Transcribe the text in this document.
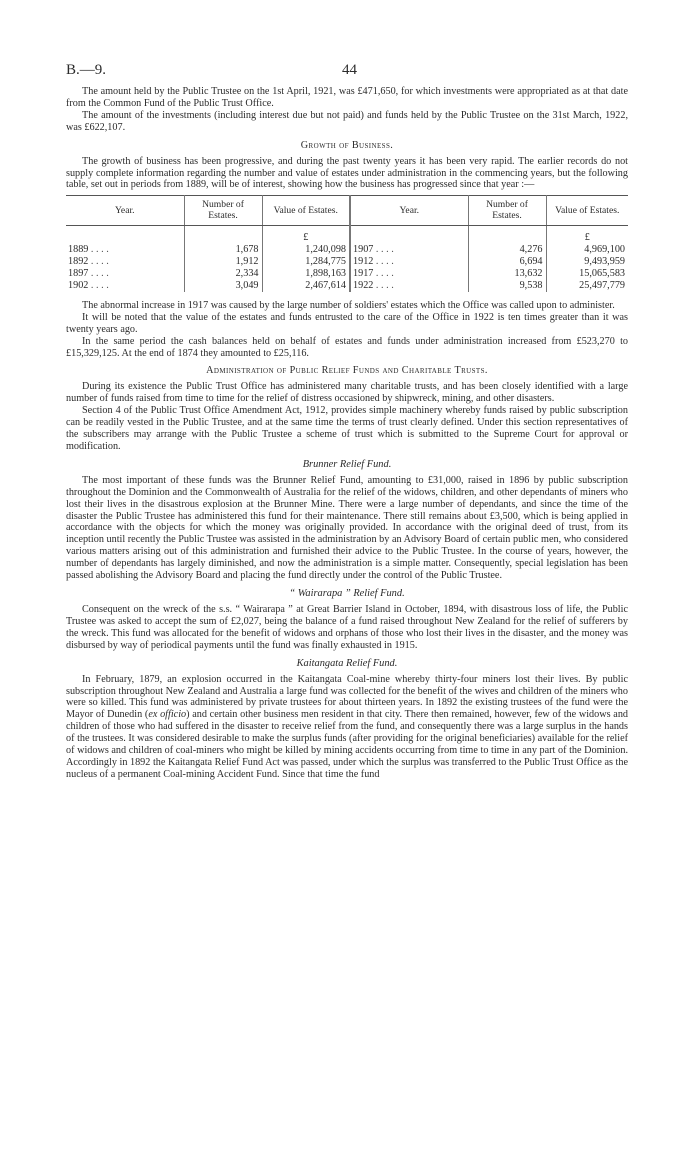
B.—9.	44

The amount held by the Public Trustee on the 1st April, 1921, was £471,650, for which investments were appropriated as at that date from the Common Fund of the Public Trust Office.

The amount of the investments (including interest due but not paid) and funds held by the Public Trustee on the 31st March, 1922, was £622,107.

Growth of Business.

The growth of business has been progressive, and during the past twenty years it has been very rapid. The earlier records do not supply complete information regarding the number and value of estates under administration in the commencing years, but the following table, set out in periods from 1889, will be of interest, showing how the business has progressed since that year :—

Year.	Number of Estates.	Value of Estates.	Year.	Number of Estates.	Value of Estates.
		£			£
1889 . . . .	1,678	1,240,098	1907 . . . .	4,276	4,969,100
1892 . . . .	1,912	1,284,775	1912 . . . .	6,694	9,493,959
1897 . . . .	2,334	1,898,163	1917 . . . .	13,632	15,065,583
1902 . . . .	3,049	2,467,614	1922 . . . .	9,538	25,497,779

The abnormal increase in 1917 was caused by the large number of soldiers' estates which the Office was called upon to administer.

It will be noted that the value of the estates and funds entrusted to the care of the Office in 1922 is ten times greater than it was twenty years ago.

In the same period the cash balances held on behalf of estates and funds under administration increased from £523,270 to £15,329,125. At the end of 1874 they amounted to £25,116.

Administration of Public Relief Funds and Charitable Trusts.

During its existence the Public Trust Office has administered many charitable trusts, and has been closely identified with a large number of funds raised from time to time for the relief of distress occasioned by shipwreck, mining, and other disasters.

Section 4 of the Public Trust Office Amendment Act, 1912, provides simple machinery whereby funds raised by public subscription can be readily vested in the Public Trustee, and at the same time the terms of trust clearly defined. Under this section representatives of the subscribers may arrange with the Public Trustee a scheme of trust which is submitted to the Supreme Court for approval or modification.

Brunner Relief Fund.

The most important of these funds was the Brunner Relief Fund, amounting to £31,000, raised in 1896 by public subscription throughout the Dominion and the Commonwealth of Australia for the relief of the widows, children, and other dependants of miners who lost their lives in the disastrous explosion at the Brunner Mine. There were a large number of dependants, and since the time of the disaster the Public Trustee has administered this fund for their maintenance. There still remains about £3,500, which is being applied in accordance with the objects for which the money was originally provided. In accordance with the original deed of trust, from its inception until recently the Public Trustee was assisted in the administration by an Advisory Board of certain public men, who considered various matters arising out of this administration and furnished their advice to the Public Trustee. In the course of years, however, the number of dependants has largely diminished, and now the administration is a simple matter. Consequently, special legislation has been passed abolishing the Advisory Board and placing the fund directly under the control of the Public Trustee.

“ Wairarapa ” Relief Fund.

Consequent on the wreck of the s.s. “ Wairarapa ” at Great Barrier Island in October, 1894, with disastrous loss of life, the Public Trustee was asked to accept the sum of £2,027, being the balance of a fund raised throughout New Zealand for the relief of sufferers by the wreck. This fund was allocated for the benefit of widows and orphans of those who lost their lives in the disaster, and the money was disbursed by way of periodical payments until the fund was finally exhausted in 1915.

Kaitangata Relief Fund.

In February, 1879, an explosion occurred in the Kaitangata Coal-mine whereby thirty-four miners lost their lives. By public subscription throughout New Zealand and Australia a large fund was collected for the benefit of the wives and children of the miners who were so killed. This fund was administered by private trustees for about thirteen years. In 1892 the existing trustees of the fund were the Mayor of Dunedin (ex officio) and certain other business men resident in that city. There then remained, however, few of the widows and children of those who had suffered in the disaster to receive relief from the fund, and consequently there was a large surplus in the hands of the trustees. It was considered desirable to make the surplus funds (after providing for the original beneficiaries) available for the relief of widows and children of coal-miners who might be killed by mining accidents occurring from time to time in any part of the Dominion. Accordingly in 1892 the Kaitangata Relief Fund Act was passed, under which the surplus was transferred to the Public Trust Office as the nucleus of a permanent Coal-mining Accident Fund. Since that time the fund
